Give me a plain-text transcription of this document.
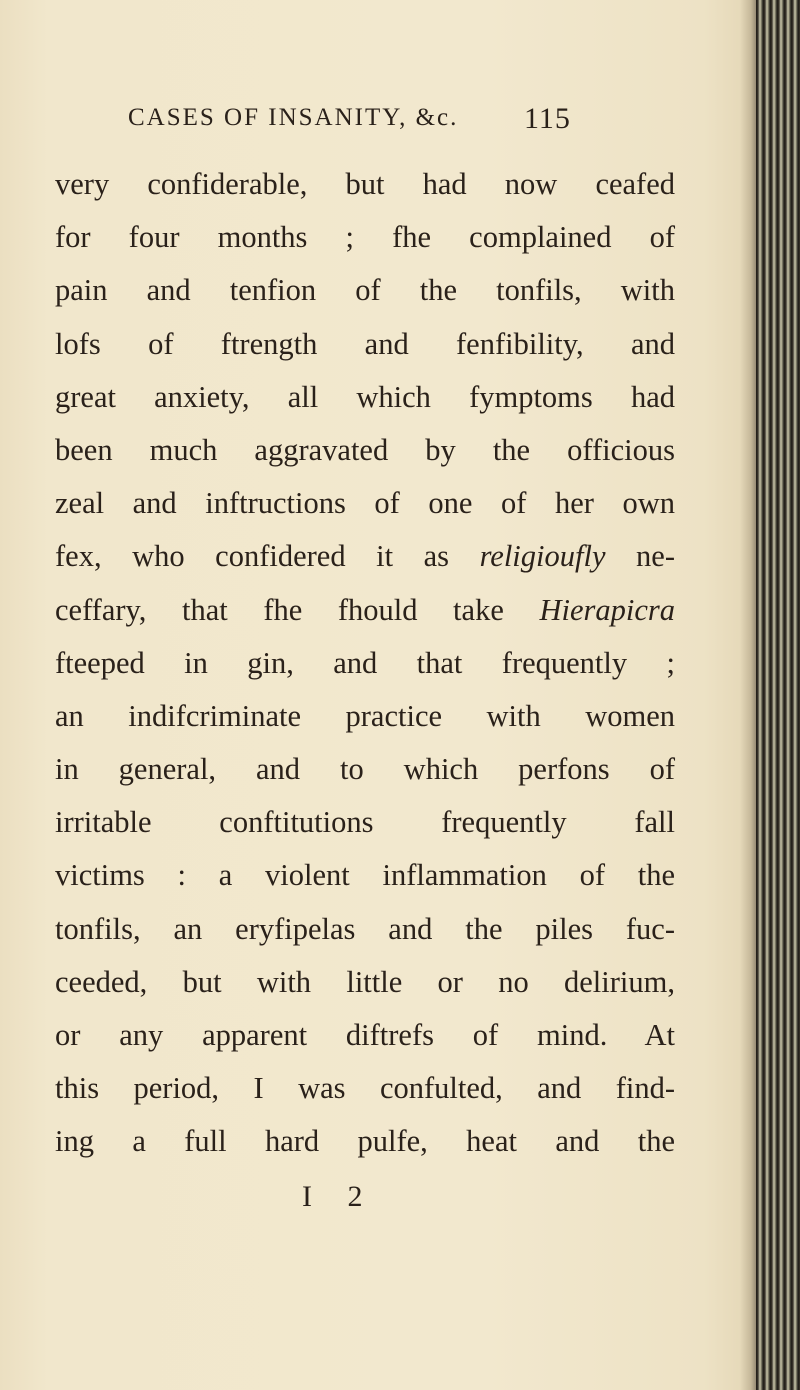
CASES OF INSANITY, &c. 115
very confiderable, but had now ceafed
for four months ; fhe complained of
pain and tenfion of the tonfils, with
lofs of ftrength and fenfibility, and
great anxiety, all which fymptoms had
been much aggravated by the officious
zeal and inftructions of one of her own
fex, who confidered it as religioufly ne-
ceffary, that fhe fhould take Hierapicra
fteeped in gin, and that frequently ;
an indifcriminate practice with women
in general, and to which perfons of
irritable conftitutions frequently fall
victims : a violent inflammation of the
tonfils, an eryfipelas and the piles fuc-
ceeded, but with little or no delirium,
or any apparent diftrefs of mind. At
this period, I was confulted, and find-
ing a full hard pulfe, heat and the
I 2
